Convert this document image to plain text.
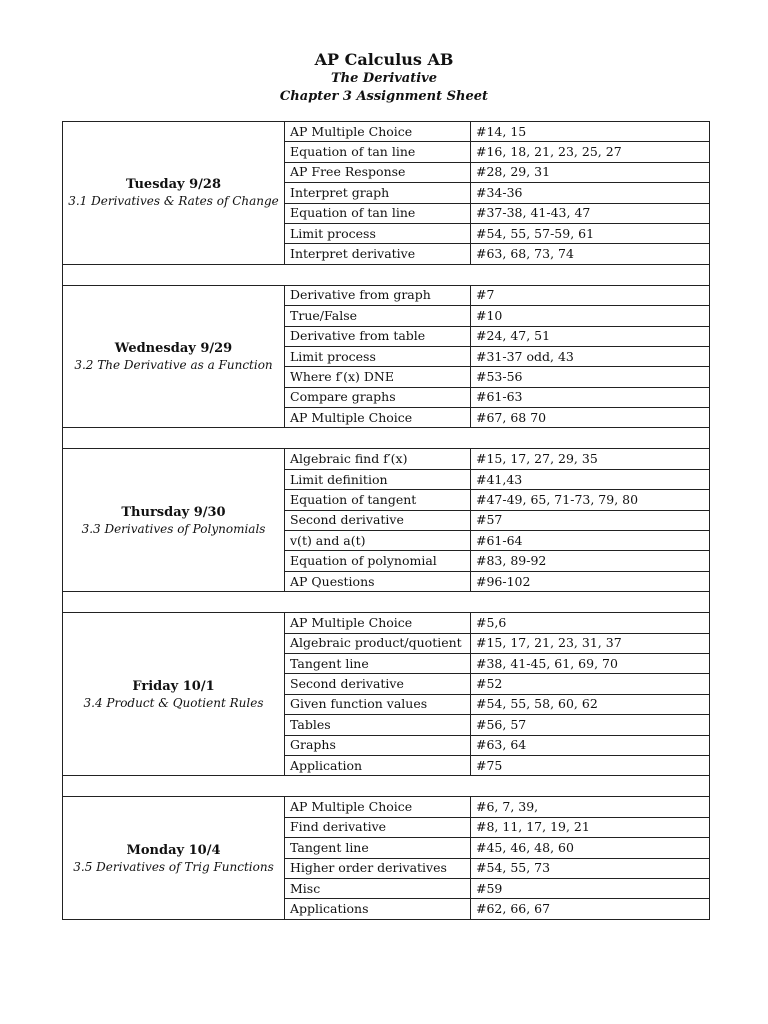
AP Calculus AB
The Derivative
Chapter 3 Assignment Sheet
Tuesday 9/28
3.1 Derivatives & Rates of Change	AP Multiple Choice	#14, 15
	Equation of tan line	#16, 18, 21, 23, 25, 27
	AP Free Response	#28, 29, 31
	Interpret graph	#34-36
	Equation of tan line	#37-38, 41-43, 47
	Limit process	#54, 55, 57-59, 61
	Interpret derivative	#63, 68, 73, 74

Wednesday 9/29
3.2 The Derivative as a Function	Derivative from graph	#7
	True/False	#10
	Derivative from table	#24, 47, 51
	Limit process	#31-37 odd, 43
	Where f′(x) DNE	#53-56
	Compare graphs	#61-63
	AP Multiple Choice	#67, 68 70

Thursday 9/30
3.3 Derivatives of Polynomials	Algebraic find f′(x)	#15, 17, 27, 29, 35
	Limit definition	#41,43
	Equation of tangent	#47-49, 65, 71-73, 79, 80
	Second derivative	#57
	v(t) and a(t)	#61-64
	Equation of polynomial	#83, 89-92
	AP Questions	#96-102

Friday 10/1
3.4 Product & Quotient Rules	AP Multiple Choice	#5,6
	Algebraic product/quotient	#15, 17, 21, 23, 31, 37
	Tangent line	#38, 41-45, 61, 69, 70
	Second derivative	#52
	Given function values	#54, 55, 58, 60, 62
	Tables	#56, 57
	Graphs	#63, 64
	Application	#75

Monday 10/4
3.5 Derivatives of Trig Functions	AP Multiple Choice	#6, 7, 39,
	Find derivative	#8, 11, 17, 19, 21
	Tangent line	#45, 46, 48, 60
	Higher order derivatives	#54, 55, 73
	Misc	#59
	Applications	#62, 66, 67
